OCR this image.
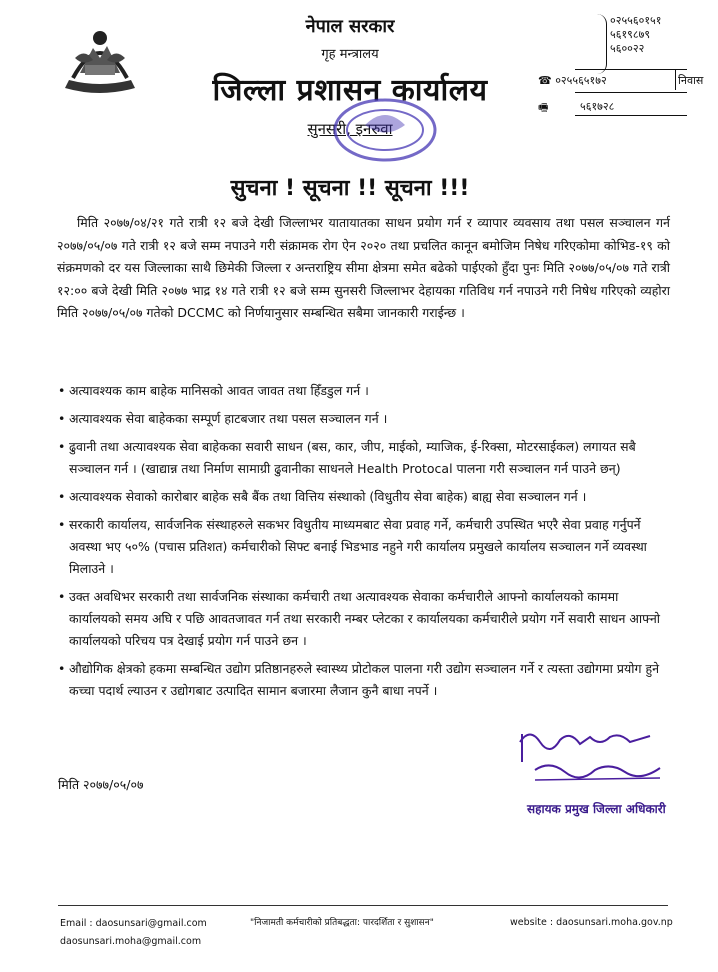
नेपाल सरकार
गृह मन्त्रालय
जिल्ला प्रशासन कार्यालय
सुनसरी, इनरुवा
०२५५६०१५१
५६१९८७९
५६००२२
☎ ०२५५६५१७२	निवास
🖷	५६१७२८
सुचना ! सूचना !! सूचना !!!
मिति २०७७/०४/२१ गते रात्री १२ बजे देखी जिल्लाभर यातायातका साधन प्रयोग गर्न र व्यापार व्यवसाय तथा पसल सञ्चालन गर्न २०७७/०५/०७ गते रात्री १२ बजे सम्म नपाउने गरी संक्रामक रोग ऐन २०२० तथा प्रचलित कानून बमोजिम निषेध गरिएकोमा कोभिड-१९ को संक्रमणको दर यस जिल्लाका साथै छिमेकी जिल्ला र अन्तराष्ट्रिय सीमा क्षेत्रमा समेत बढेको पाईएको हुँदा पुनः मिति २०७७/०५/०७ गते रात्री १२:०० बजे देखी मिति २०७७ भाद्र १४ गते रात्री १२ बजे सम्म सुनसरी जिल्लाभर देहायका गतिविध गर्न नपाउने गरी निषेध गरिएको व्यहोरा मिति २०७७/०५/०७ गतेको DCCMC को निर्णयानुसार सम्बन्धित सबैमा जानकारी गराईन्छ ।
• अत्यावश्यक काम बाहेक मानिसको आवत जावत तथा हिँडडुल गर्न ।
• अत्यावश्यक सेवा बाहेकका सम्पूर्ण हाटबजार तथा पसल सञ्चालन गर्न ।
• ढुवानी तथा अत्यावश्यक सेवा बाहेकका सवारी साधन (बस, कार, जीप, माईको, म्याजिक, ई-रिक्सा, मोटरसाईकल) लगायत सबै सञ्चालन गर्न । (खाद्यान्न तथा निर्माण सामाग्री ढुवानीका साधनले Health Protocal पालना गरी सञ्चालन गर्न पाउने छन्)
• अत्यावश्यक सेवाको कारोबार बाहेक सबै बैंक तथा वित्तिय संस्थाको (विधुतीय सेवा बाहेक) बाह्य सेवा सञ्चालन गर्न ।
• सरकारी कार्यालय, सार्वजनिक संस्थाहरुले सकभर विधुतीय माध्यमबाट सेवा प्रवाह गर्ने, कर्मचारी उपस्थित भएरै सेवा प्रवाह गर्नुपर्ने अवस्था भए ५०% (पचास प्रतिशत) कर्मचारीको सिफ्ट बनाई भिडभाड नहुने गरी कार्यालय प्रमुखले कार्यालय सञ्चालन गर्ने व्यवस्था मिलाउने ।
• उक्त अवधिभर सरकारी तथा सार्वजनिक संस्थाका कर्मचारी तथा अत्यावश्यक सेवाका कर्मचारीले आफ्नो कार्यालयको काममा कार्यालयको समय अघि र पछि आवतजावत गर्न तथा सरकारी नम्बर प्लेटका र कार्यालयका कर्मचारीले प्रयोग गर्ने सवारी साधन आफ्नो कार्यालयको परिचय पत्र देखाई प्रयोग गर्न पाउने छन ।
• औद्योगिक क्षेत्रको हकमा सम्बन्धित उद्योग प्रतिष्ठानहरुले स्वास्थ्य प्रोटोकल पालना गरी उद्योग सञ्चालन गर्ने र त्यस्ता उद्योगमा प्रयोग हुने कच्चा पदार्थ ल्याउन र उद्योगबाट उत्पादित सामान बजारमा लैजान कुनै बाधा नपर्ने ।
मिति २०७७/०५/०७
सहायक प्रमुख जिल्ला अधिकारी
Email : daosunsari@gmail.com
daosunsari.moha@gmail.com
"निजामती कर्मचारीको प्रतिबद्धता: पारदर्शिता र सुशासन"	website : daosunsari.moha.gov.np
